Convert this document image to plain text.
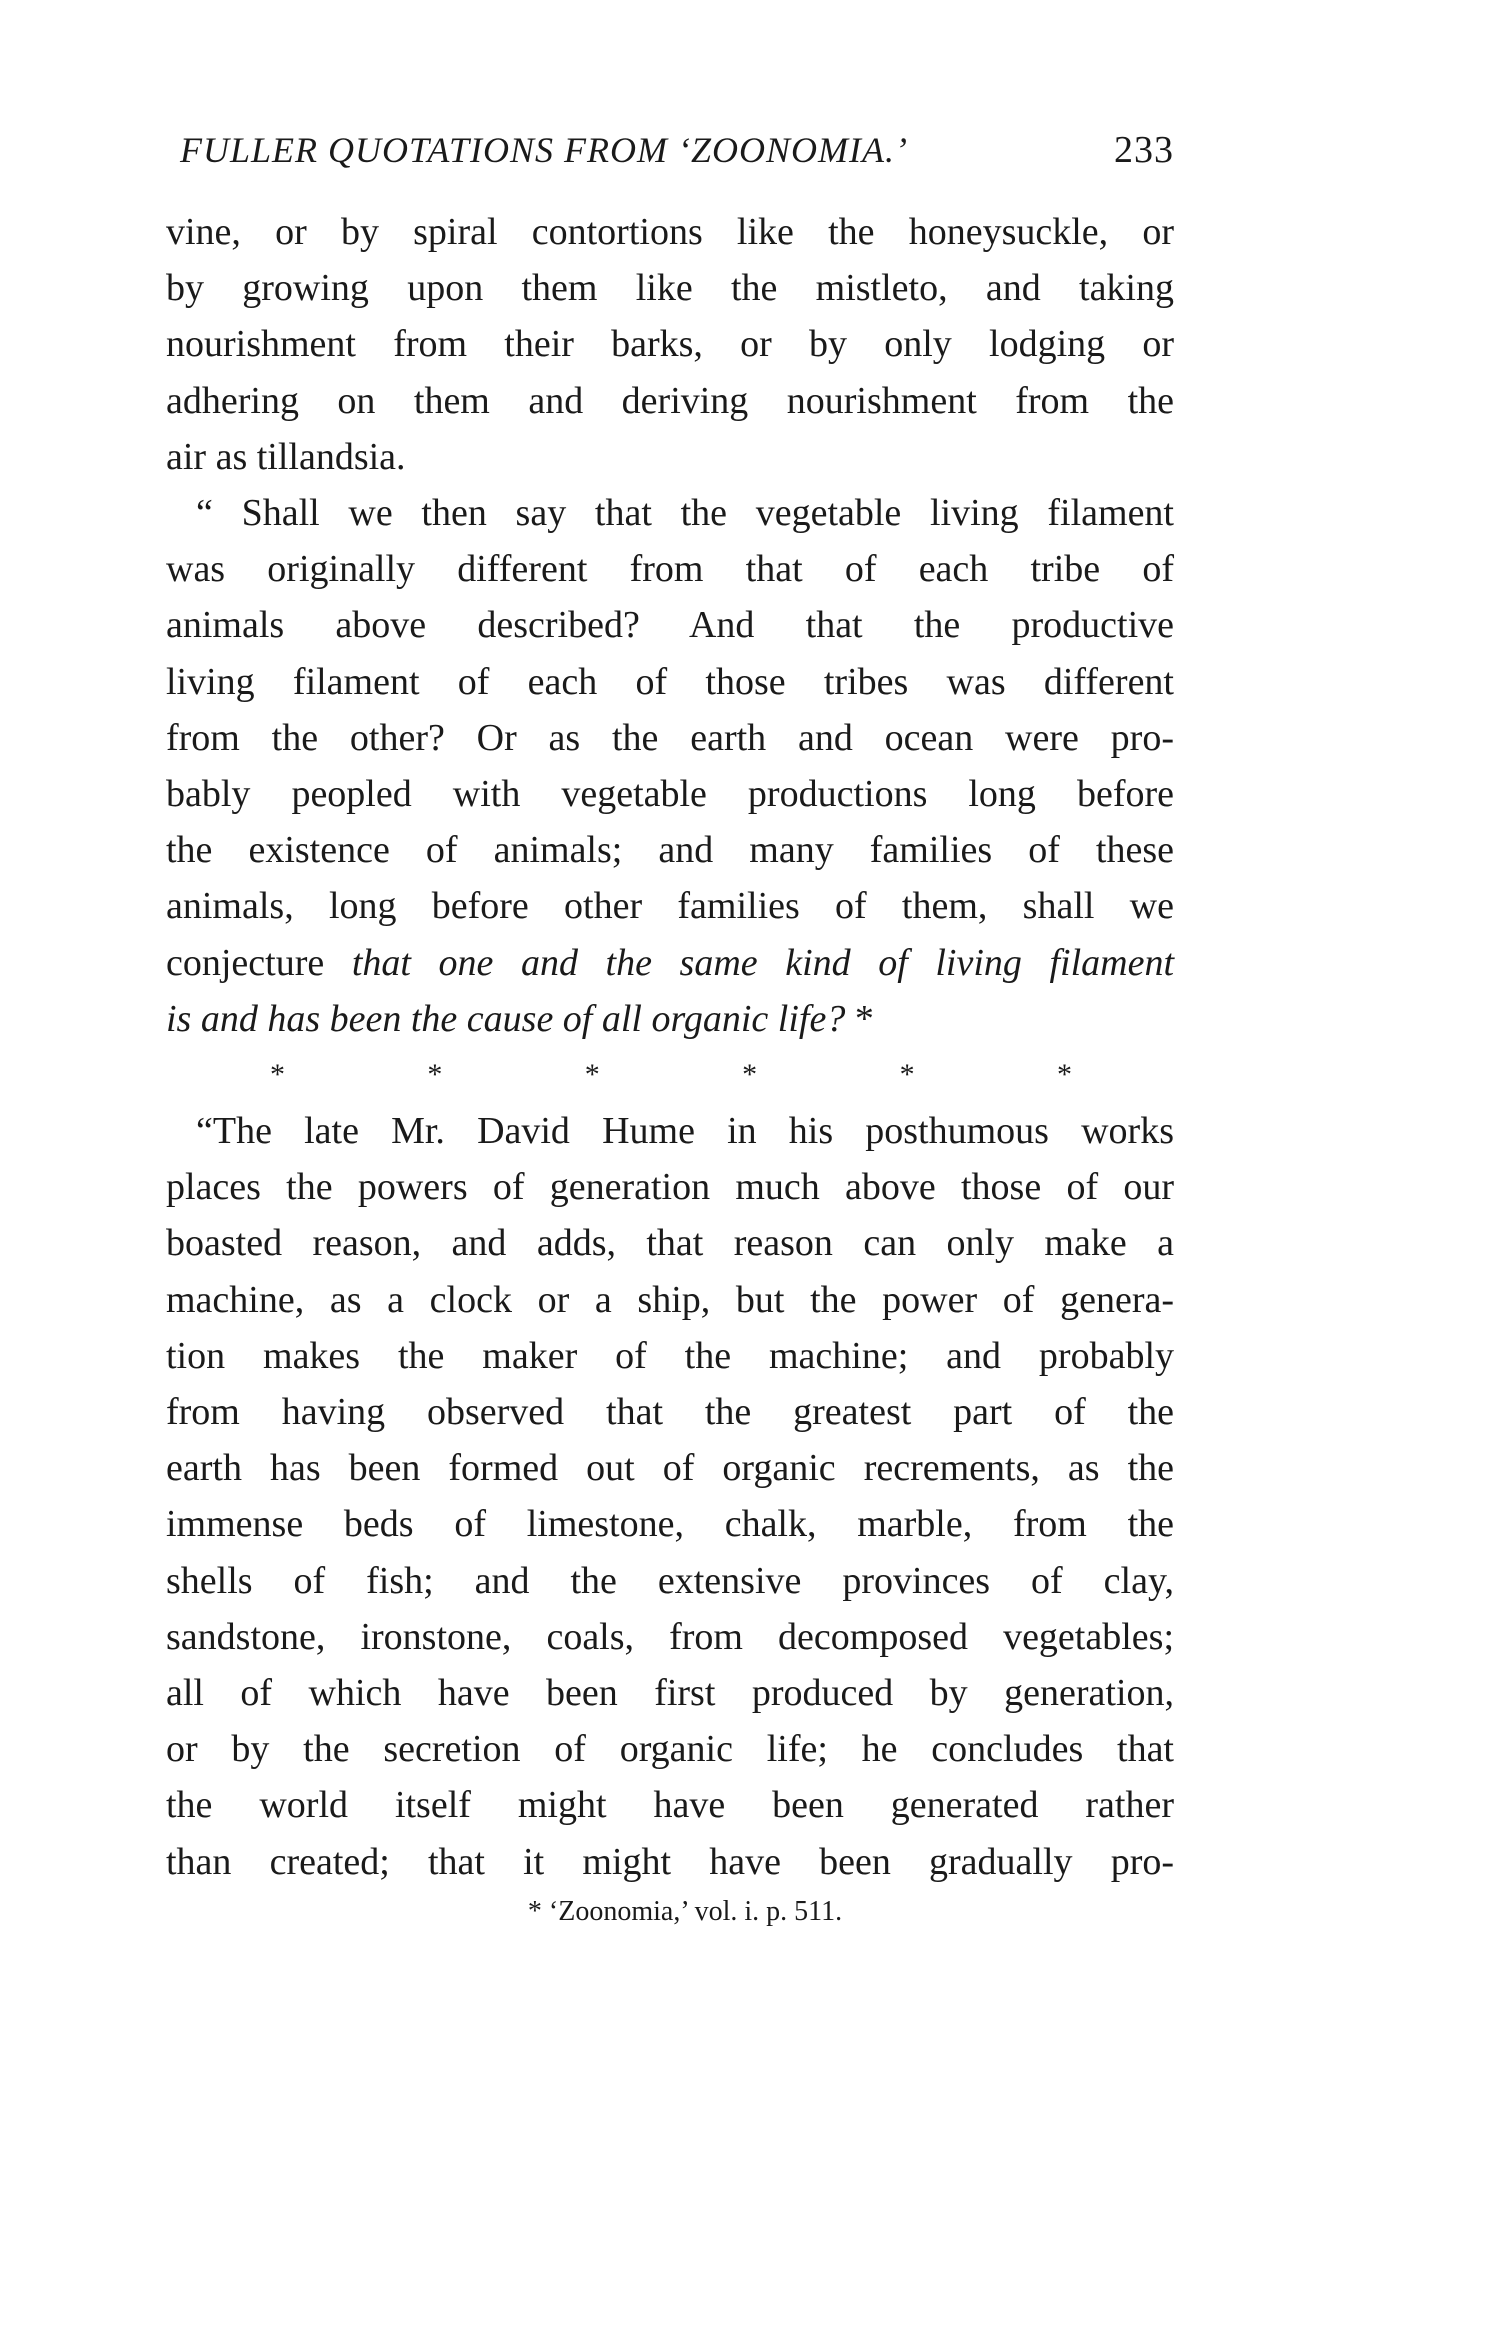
FULLER QUOTATIONS FROM ‘ZOONOMIA.’	233

vine, or by spiral contortions like the honeysuckle, or

by growing upon them like the mistleto, and taking

nourishment from their barks, or by only lodging or

adhering on them and deriving nourishment from the

air as tillandsia.

“ Shall we then say that the vegetable living filament

was originally different from that of each tribe of

animals above described? And that the productive

living filament of each of those tribes was different

from the other? Or as the earth and ocean were pro-

bably peopled with vegetable productions long before

the existence of animals; and many families of these

animals, long before other families of them, shall we

conjecture that one and the same kind of living filament

is and has been the cause of all organic life? *

*	*	*	*	*	*

“The late Mr. David Hume in his posthumous works

places the powers of generation much above those of our

boasted reason, and adds, that reason can only make a

machine, as a clock or a ship, but the power of genera-

tion makes the maker of the machine; and probably

from having observed that the greatest part of the

earth has been formed out of organic recrements, as the

immense beds of limestone, chalk, marble, from the

shells of fish; and the extensive provinces of clay,

sandstone, ironstone, coals, from decomposed vegetables;

all of which have been first produced by generation,

or by the secretion of organic life; he concludes that

the world itself might have been generated rather

than created; that it might have been gradually pro-

* ‘Zoonomia,’ vol. i. p. 511.
